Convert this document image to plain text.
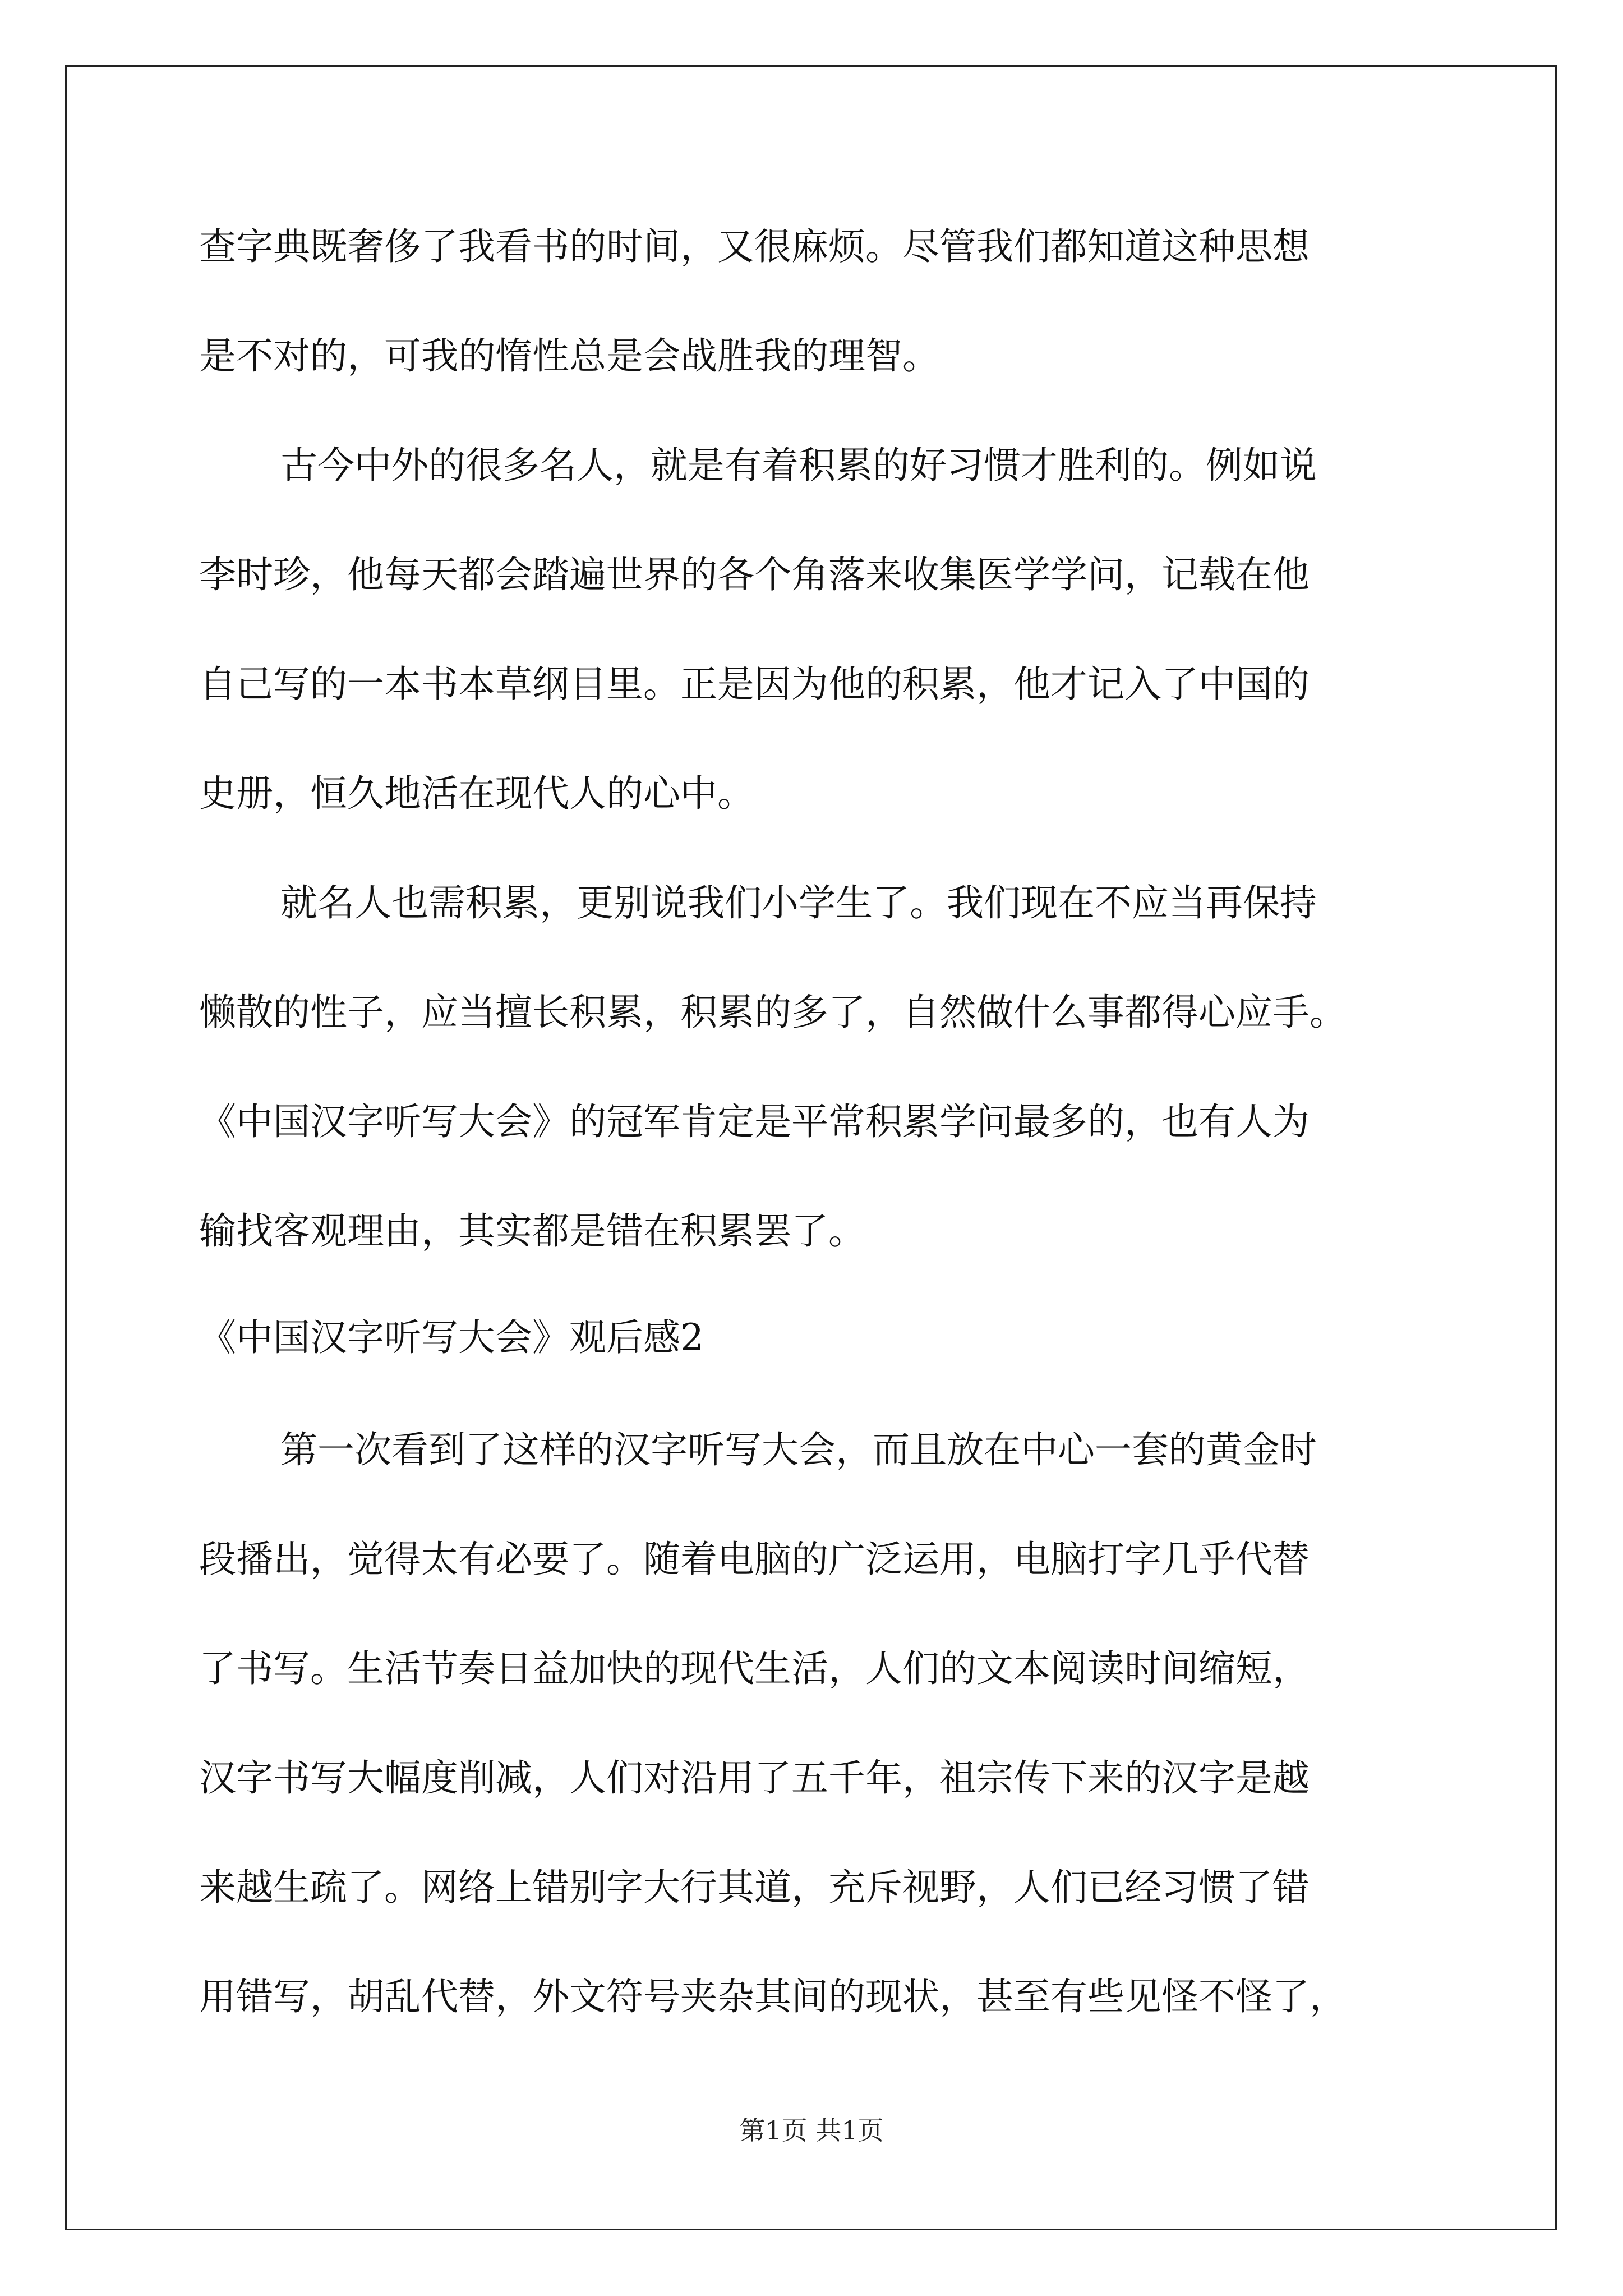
查字典既奢侈了我看书的时间，又很麻烦。尽管我们都知道这种思想
是不对的，可我的惰性总是会战胜我的理智。
古今中外的很多名人，就是有着积累的好习惯才胜利的。例如说
李时珍，他每天都会踏遍世界的各个角落来收集医学学问，记载在他
自己写的一本书本草纲目里。正是因为他的积累，他才记入了中国的
史册，恒久地活在现代人的心中。
就名人也需积累，更别说我们小学生了。我们现在不应当再保持
懒散的性子，应当擅长积累，积累的多了，自然做什么事都得心应手。
《中国汉字听写大会》的冠军肯定是平常积累学问最多的，也有人为
输找客观理由，其实都是错在积累罢了。
《中国汉字听写大会》观后感2
第一次看到了这样的汉字听写大会，而且放在中心一套的黄金时
段播出，觉得太有必要了。随着电脑的广泛运用，电脑打字几乎代替
了书写。生活节奏日益加快的现代生活，人们的文本阅读时间缩短，
汉字书写大幅度削减，人们对沿用了五千年，祖宗传下来的汉字是越
来越生疏了。网络上错别字大行其道，充斥视野，人们已经习惯了错
用错写，胡乱代替，外文符号夹杂其间的现状，甚至有些见怪不怪了，
第1页 共1页
